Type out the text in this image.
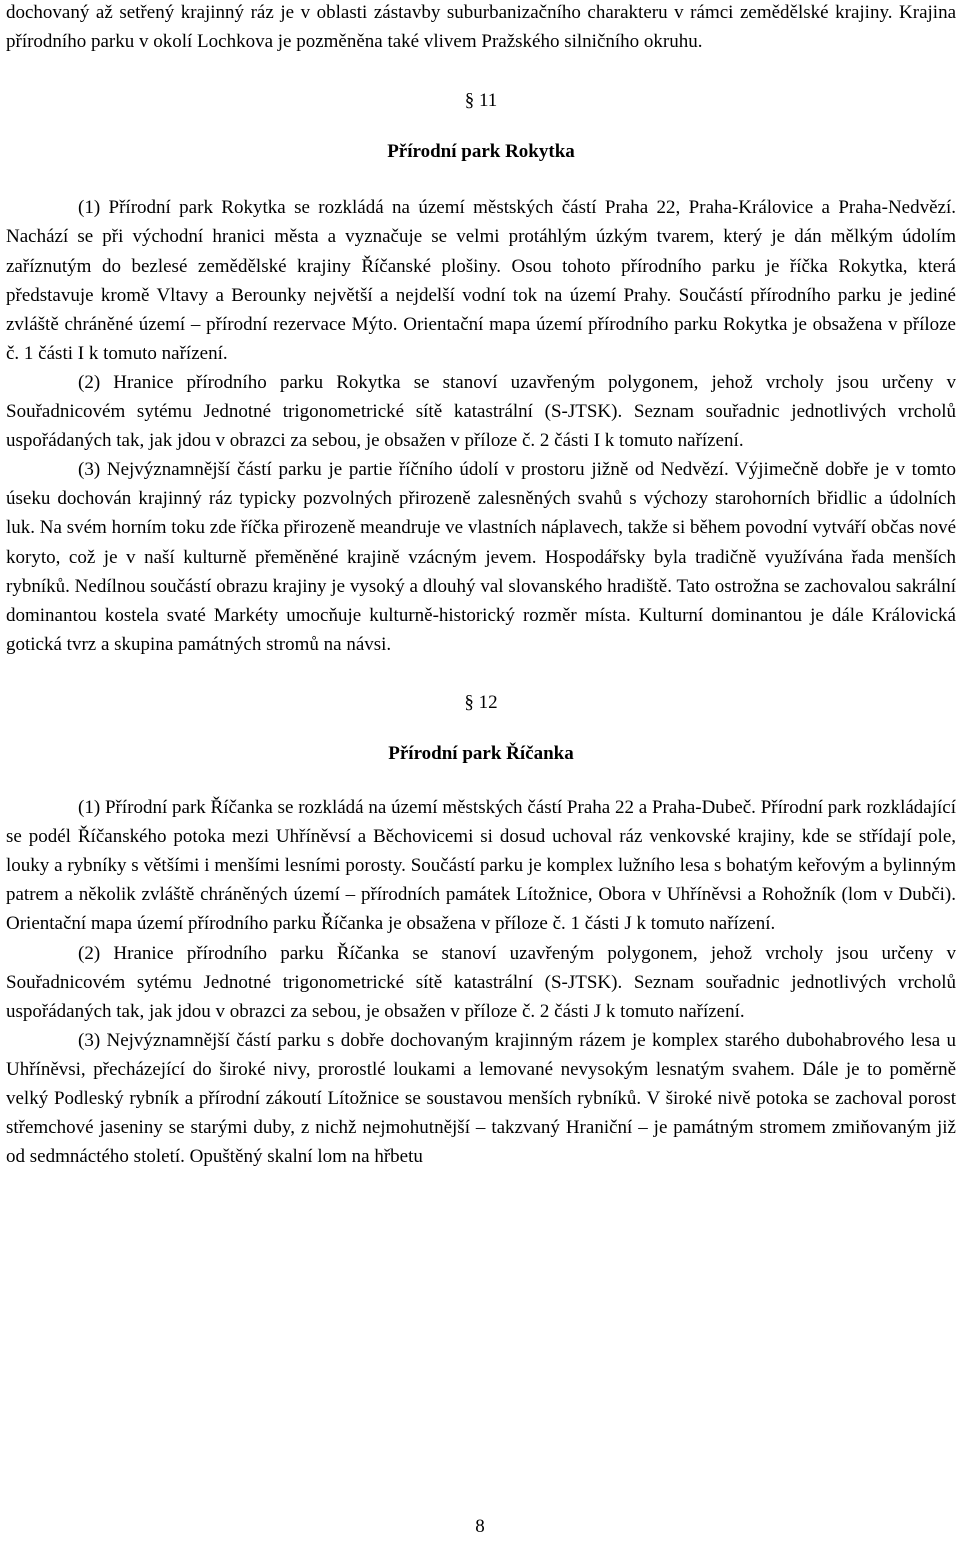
dochovaný až setřený krajinný ráz je v oblasti zástavby suburbanizačního charakteru v rámci zemědělské krajiny. Krajina přírodního parku v okolí Lochkova je pozměněna také vlivem Pražského silničního okruhu.

§ 11

Přírodní park Rokytka

(1) Přírodní park Rokytka se rozkládá na území městských částí Praha 22, Praha-Královice a Praha-Nedvězí. Nachází se při východní hranici města a vyznačuje se velmi protáhlým úzkým tvarem, který je dán mělkým údolím zaříznutým do bezlesé zemědělské krajiny Říčanské plošiny. Osou tohoto přírodního parku je říčka Rokytka, která představuje kromě Vltavy a Berounky největší a nejdelší vodní tok na území Prahy. Součástí přírodního parku je jediné zvláště chráněné území – přírodní rezervace Mýto. Orientační mapa území přírodního parku Rokytka je obsažena v příloze č. 1 části I k tomuto nařízení.

(2) Hranice přírodního parku Rokytka se stanoví uzavřeným polygonem, jehož vrcholy jsou určeny v Souřadnicovém sytému Jednotné trigonometrické sítě katastrální (S-JTSK). Seznam souřadnic jednotlivých vrcholů uspořádaných tak, jak jdou v obrazci za sebou, je obsažen v příloze č. 2 části I k tomuto nařízení.

(3) Nejvýznamnější částí parku je partie říčního údolí v prostoru jižně od Nedvězí. Výjimečně dobře je v tomto úseku dochován krajinný ráz typicky pozvolných přirozeně zalesněných svahů s výchozy starohorních břidlic a údolních luk. Na svém horním toku zde říčka přirozeně meandruje ve vlastních náplavech, takže si během povodní vytváří občas nové koryto, což je v naší kulturně přeměněné krajině vzácným jevem. Hospodářsky byla tradičně využívána řada menších rybníků. Nedílnou součástí obrazu krajiny je vysoký a dlouhý val slovanského hradiště. Tato ostrožna se zachovalou sakrální dominantou kostela svaté Markéty umocňuje kulturně-historický rozměr místa. Kulturní dominantou je dále Královická gotická tvrz a skupina památných stromů na návsi.

§ 12

Přírodní park Říčanka

(1) Přírodní park Říčanka se rozkládá na území městských částí Praha 22 a Praha-Dubeč. Přírodní park rozkládající se podél Říčanského potoka mezi Uhříněvsí a Běchovicemi si dosud uchoval ráz venkovské krajiny, kde se střídají pole, louky a rybníky s většími i menšími lesními porosty. Součástí parku je komplex lužního lesa s bohatým keřovým a bylinným patrem a několik zvláště chráněných území – přírodních památek Lítožnice, Obora v Uhříněvsi a Rohožník (lom v Dubči). Orientační mapa území přírodního parku Říčanka je obsažena v příloze č. 1 části J k tomuto nařízení.

(2) Hranice přírodního parku Říčanka se stanoví uzavřeným polygonem, jehož vrcholy jsou určeny v Souřadnicovém sytému Jednotné trigonometrické sítě katastrální (S-JTSK). Seznam souřadnic jednotlivých vrcholů uspořádaných tak, jak jdou v obrazci za sebou, je obsažen v příloze č. 2 části J k tomuto nařízení.

(3) Nejvýznamnější částí parku s dobře dochovaným krajinným rázem je komplex starého dubohabrového lesa u Uhříněvsi, přecházející do široké nivy, prorostlé loukami a lemované nevysokým lesnatým svahem. Dále je to poměrně velký Podleský rybník a přírodní zákoutí Lítožnice se soustavou menších rybníků. V široké nivě potoka se zachoval porost střemchové jaseniny se starými duby, z nichž nejmohutnější – takzvaný Hraniční – je památným stromem zmiňovaným již od sedmnáctého století. Opuštěný skalní lom na hřbetu

8
